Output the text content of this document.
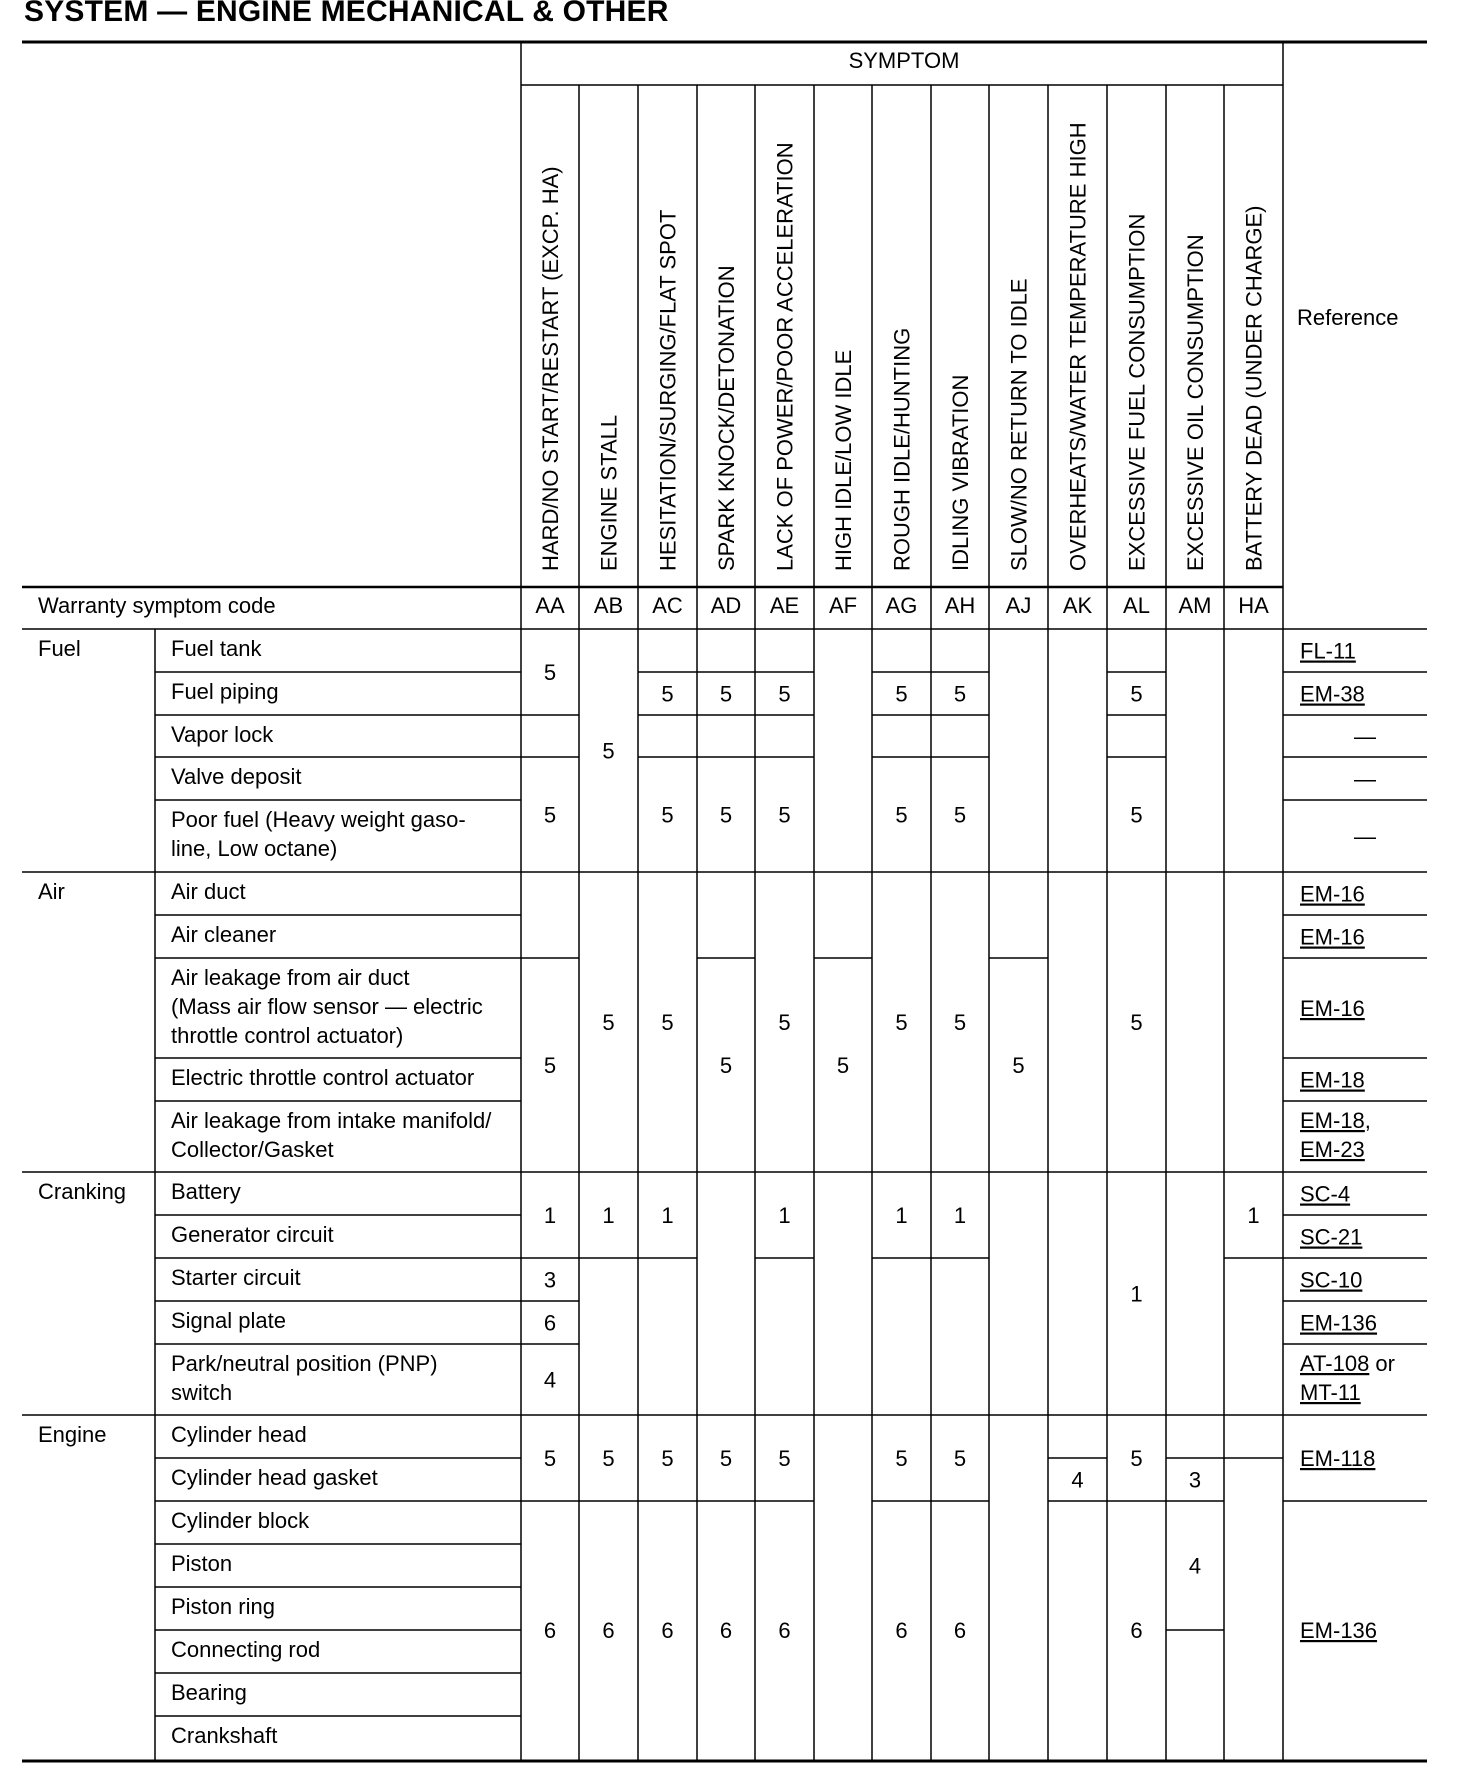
SYSTEM — ENGINE MECHANICAL & OTHER
SYMPTOM
Reference
Warranty symptom code
HARD/NO START/RESTART (EXCP. HA) ENGINE STALL HESITATION/SURGING/FLAT SPOT SPARK KNOCK/DETONATION LACK OF POWER/POOR ACCELERATION HIGH IDLE/LOW IDLE ROUGH IDLE/HUNTING IDLING VIBRATION SLOW/NO RETURN TO IDLE OVERHEATS/WATER TEMPERATURE HIGH EXCESSIVE FUEL CONSUMPTION EXCESSIVE OIL CONSUMPTION BATTERY DEAD (UNDER CHARGE)
AA AB AC AD AE AF AG AH AJ AK AL AM HA
Fuel
Air
Cranking
Engine
Fuel tank
Fuel piping
Vapor lock
Valve deposit
Poor fuel (Heavy weight gaso-
line, Low octane)
Air duct
Air cleaner
Air leakage from air duct
(Mass air flow sensor — electric
throttle control actuator)
Electric throttle control actuator
Air leakage from intake manifold/
Collector/Gasket
Battery
Generator circuit
Starter circuit
Signal plate
Park/neutral position (PNP)
switch
Cylinder head
Cylinder head gasket
Cylinder block
Piston
Piston ring
Connecting rod
Bearing
Crankshaft
FL-11
EM-38
—
—
—
EM-16
EM-16
EM-16
EM-18
EM-18,
EM-23
SC-4
SC-21
SC-10
EM-136
AT-108 or
MT-11
EM-118
EM-136
5
5
5
1
3
6
4
5
6
5
5
1
5
6
5
5
5
1
5
6
5
5
5
5
6
5
5
5
1
5
6
5
5
5
5
1
5
6
5
5
5
1
5
6
5
4
5
5
5
1
5
6
3
4
1
